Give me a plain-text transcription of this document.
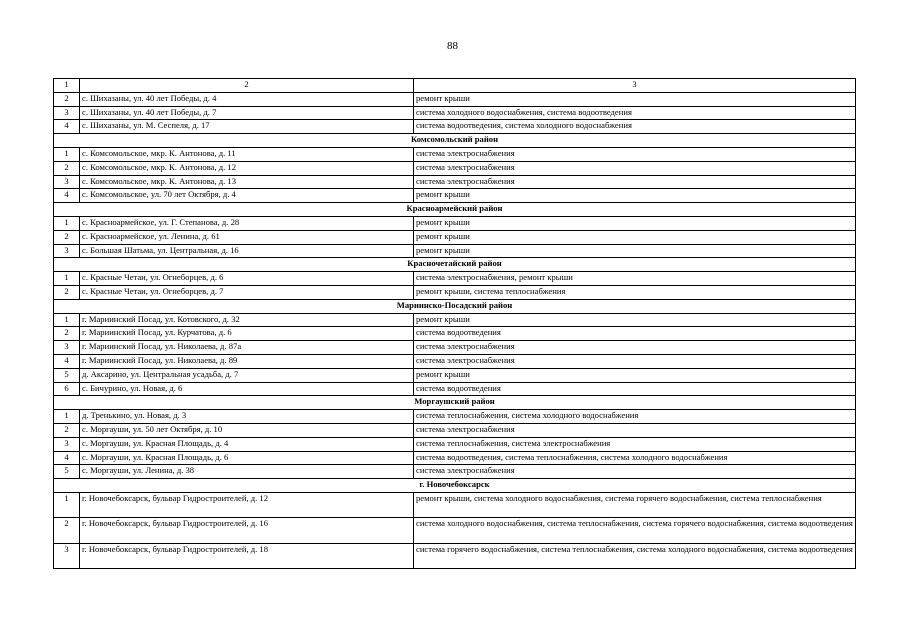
88
1	2	3
2	с. Шихазаны, ул. 40 лет Победы, д. 4	ремонт крыши
3	с. Шихазаны, ул. 40 лет Победы, д. 7	система холодного водоснабжения, система водоотведения
4	с. Шихазаны, ул. М. Сеспеля, д. 17	система водоотведения, система холодного водоснабжения
Комсомольский район		
1	с. Комсомольское, мкр. К. Антонова, д. 11	система электроснабжения
2	с. Комсомольское, мкр. К. Антонова, д. 12	система электроснабжения
3	с. Комсомольское, мкр. К. Антонова, д. 13	система электроснабжения
4	с. Комсомольское, ул. 70 лет Октября, д. 4	ремонт крыши
Красноармейский район		
1	с. Красноармейское, ул. Г. Степанова, д. 28	ремонт крыши
2	с. Красноармейское, ул. Ленина, д. 61	ремонт крыши
3	с. Большая Шатьма, ул. Центральная, д. 16	ремонт крыши
Красночетайский район		
1	с. Красные Четаи, ул. Огнеборцев, д. 6	система электроснабжения, ремонт крыши
2	с. Красные Четаи, ул. Огнеборцев, д. 7	ремонт крыши, система теплоснабжения
Мариинско-Посадский район		
1	г. Мариинский Посад, ул. Котовского, д. 32	ремонт крыши
2	г. Мариинский Посад, ул. Курчатова, д. 6	система водоотведения
3	г. Мариинский Посад, ул. Николаева, д. 87а	система электроснабжения
4	г. Мариинский Посад, ул. Николаева, д. 89	система электроснабжения
5	д. Аксарино, ул. Центральная усадьба, д. 7	ремонт крыши
6	с. Бичурино, ул. Новая, д. 6	система водоотведения
Моргаушский район		
1	д. Тренькино, ул. Новая, д. 3	система теплоснабжения, система холодного водоснабжения
2	с. Моргауши, ул. 50 лет Октября, д. 10	система электроснабжения
3	с. Моргауши, ул. Красная Площадь, д. 4	система теплоснабжения, система электроснабжения
4	с. Моргауши, ул. Красная Площадь, д. 6	система водоотведения, система теплоснабжения, система холодного водоснабжения
5	с. Моргауши, ул. Ленина, д. 38	система электроснабжения
г. Новочебоксарск		
1	г. Новочебоксарск, бульвар Гидростроителей, д. 12	ремонт крыши, система холодного водоснабжения, система горячего водоснабжения, система теплоснабжения
2	г. Новочебоксарск, бульвар Гидростроителей, д. 16	система холодного водоснабжения, система теплоснабжения, система горячего водоснабжения, система водоотведения
3	г. Новочебоксарск, бульвар Гидростроителей, д. 18	система горячего водоснабжения, система теплоснабжения, система холодного водоснабжения, система водоотведения
